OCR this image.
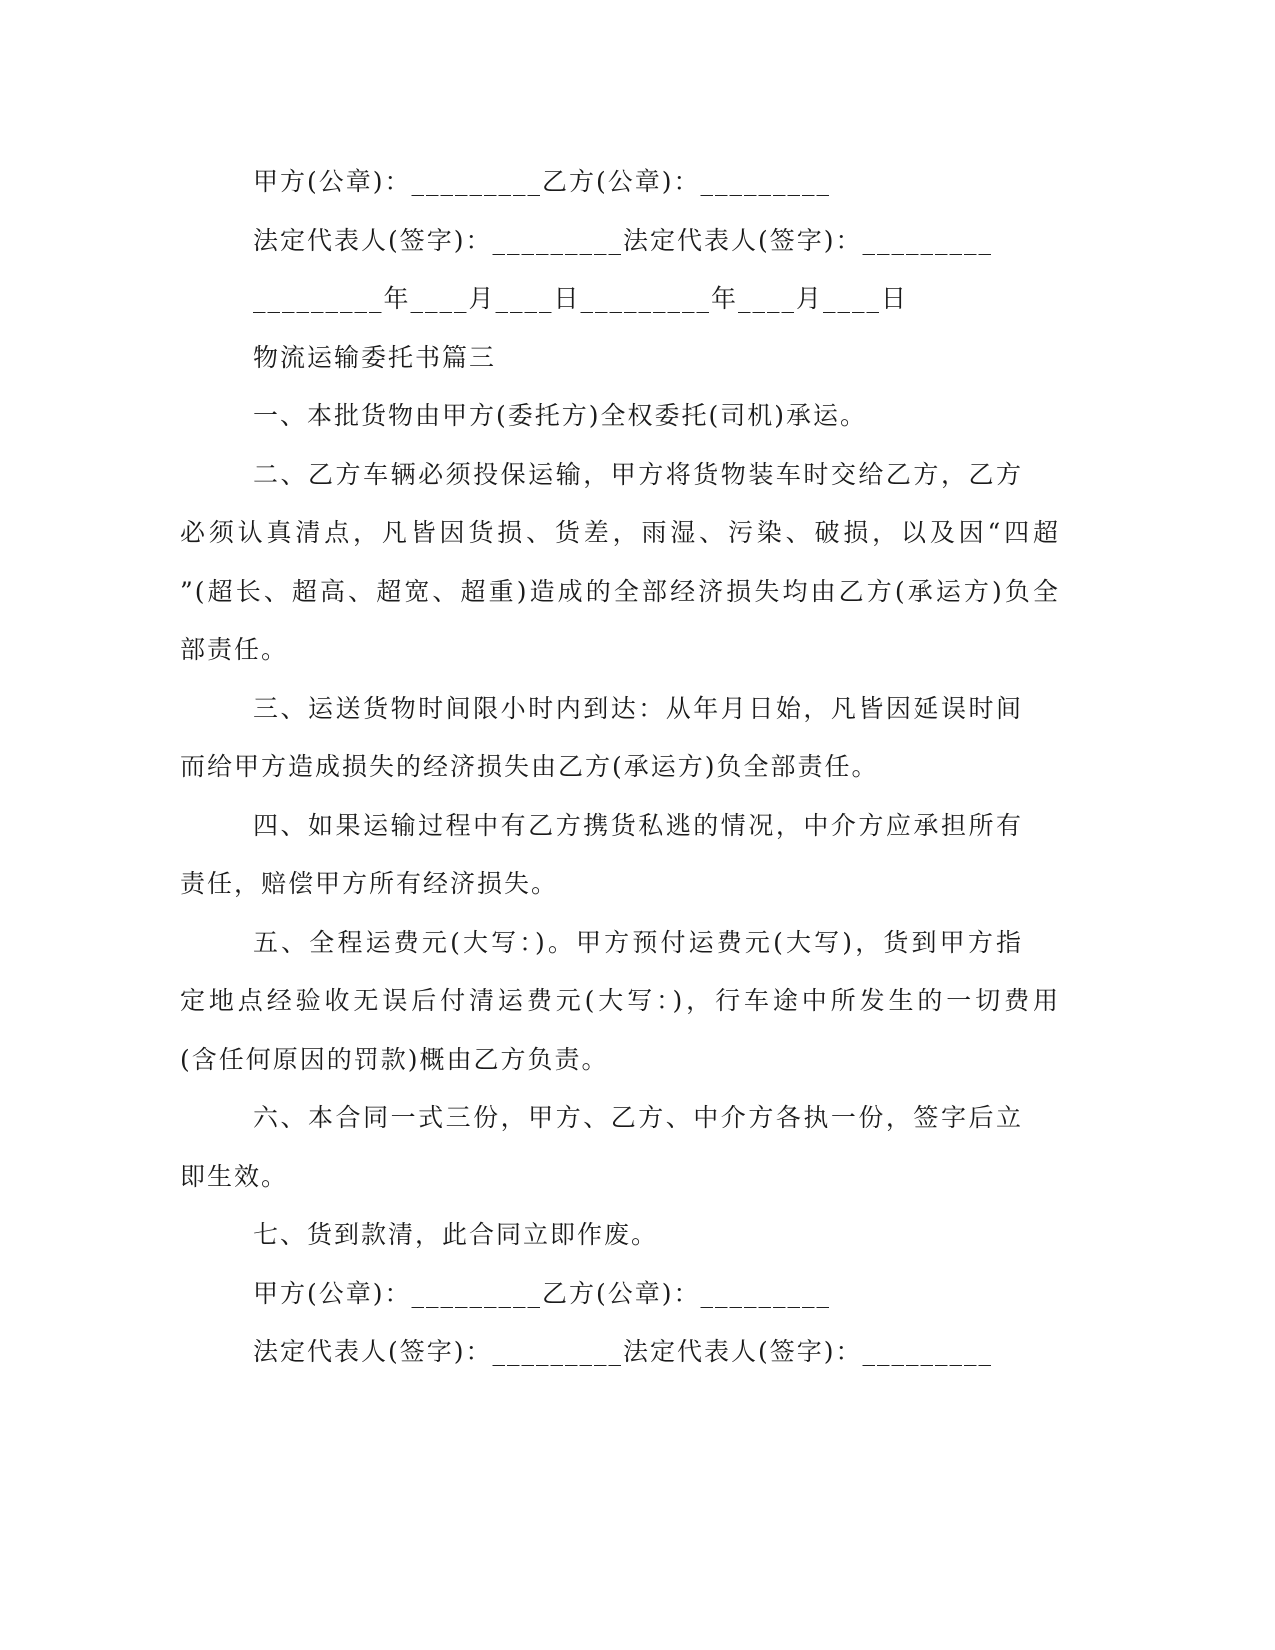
甲方(公章)：_________乙方(公章)：_________
法定代表人(签字)：_________法定代表人(签字)：_________
_________年____月____日_________年____月____日
物流运输委托书篇三
一、本批货物由甲方(委托方)全权委托(司机)承运。
二、乙方车辆必须投保运输，甲方将货物装车时交给乙方，乙方
必须认真清点，凡皆因货损、货差，雨湿、污染、破损，以及因“四超
”(超长、超高、超宽、超重)造成的全部经济损失均由乙方(承运方)负全
部责任。
三、运送货物时间限小时内到达：从年月日始，凡皆因延误时间
而给甲方造成损失的经济损失由乙方(承运方)负全部责任。
四、如果运输过程中有乙方携货私逃的情况，中介方应承担所有
责任，赔偿甲方所有经济损失。
五、全程运费元(大写：)。甲方预付运费元(大写)，货到甲方指
定地点经验收无误后付清运费元(大写：)，行车途中所发生的一切费用
(含任何原因的罚款)概由乙方负责。
六、本合同一式三份，甲方、乙方、中介方各执一份，签字后立
即生效。
七、货到款清，此合同立即作废。
甲方(公章)：_________乙方(公章)：_________
法定代表人(签字)：_________法定代表人(签字)：_________
